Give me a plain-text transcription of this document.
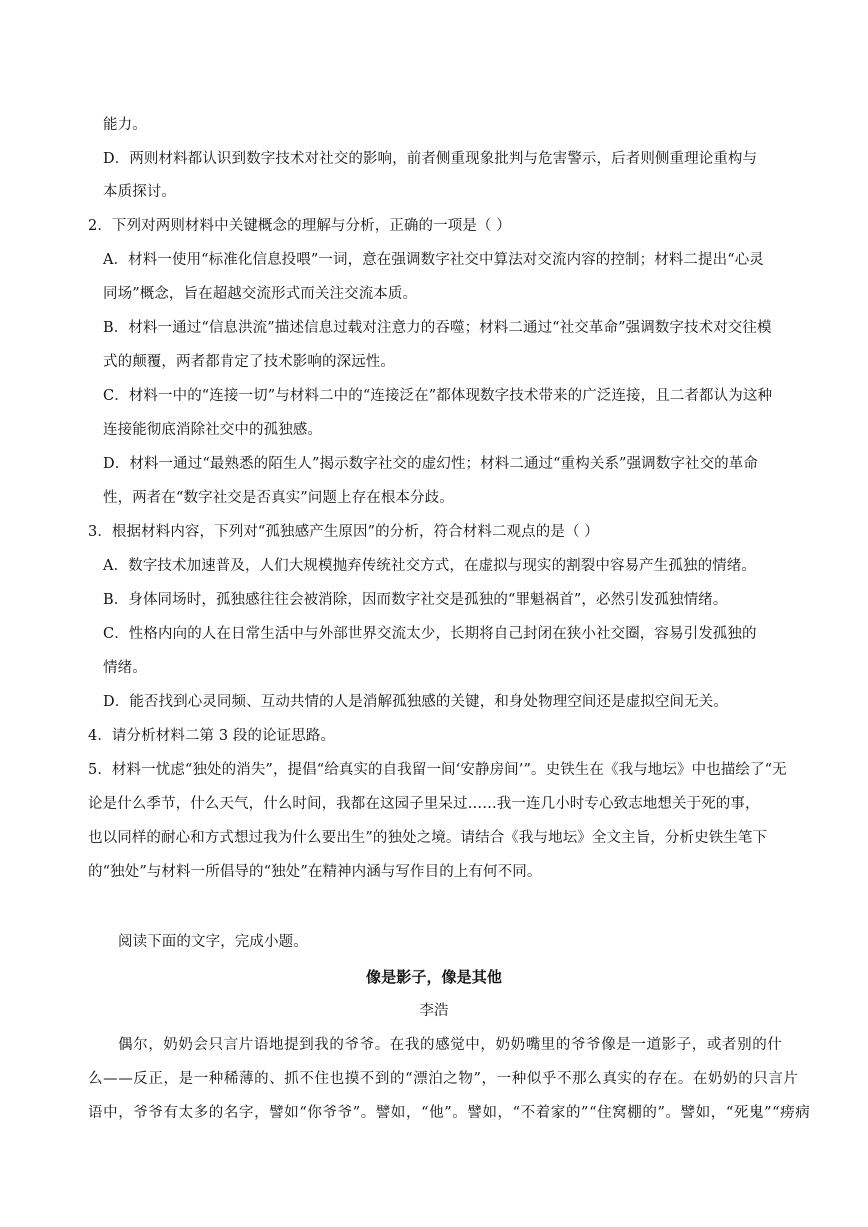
能力。
D．两则材料都认识到数字技术对社交的影响，前者侧重现象批判与危害警示，后者则侧重理论重构与
本质探讨。
2．下列对两则材料中关键概念的理解与分析，正确的一项是（ ）
A．材料一使用“标准化信息投喂”一词，意在强调数字社交中算法对交流内容的控制；材料二提出“心灵
同场”概念，旨在超越交流形式而关注交流本质。
B．材料一通过“信息洪流”描述信息过载对注意力的吞噬；材料二通过“社交革命”强调数字技术对交往模
式的颠覆，两者都肯定了技术影响的深远性。
C．材料一中的“连接一切”与材料二中的“连接泛在”都体现数字技术带来的广泛连接，且二者都认为这种
连接能彻底消除社交中的孤独感。
D．材料一通过“最熟悉的陌生人”揭示数字社交的虚幻性；材料二通过“重构关系”强调数字社交的革命
性，两者在“数字社交是否真实”问题上存在根本分歧。
3．根据材料内容，下列对“孤独感产生原因”的分析，符合材料二观点的是（ ）
A．数字技术加速普及，人们大规模抛弃传统社交方式，在虚拟与现实的割裂中容易产生孤独的情绪。
B．身体同场时，孤独感往往会被消除，因而数字社交是孤独的“罪魁祸首”，必然引发孤独情绪。
C．性格内向的人在日常生活中与外部世界交流太少，长期将自己封闭在狭小社交圈，容易引发孤独的
情绪。
D．能否找到心灵同频、互动共情的人是消解孤独感的关键，和身处物理空间还是虚拟空间无关。
4．请分析材料二第 3 段的论证思路。
5．材料一忧虑“独处的消失”，提倡“给真实的自我留一间‘安静房间’”。史铁生在《我与地坛》中也描绘了“无
论是什么季节，什么天气，什么时间，我都在这园子里呆过……我一连几小时专心致志地想关于死的事，
也以同样的耐心和方式想过我为什么要出生”的独处之境。请结合《我与地坛》全文主旨，分析史铁生笔下
的“独处”与材料一所倡导的“独处”在精神内涵与写作目的上有何不同。
阅读下面的文字，完成小题。
像是影子，像是其他
李浩
偶尔，奶奶会只言片语地提到我的爷爷。在我的感觉中，奶奶嘴里的爷爷像是一道影子，或者别的什
么——反正，是一种稀薄的、抓不住也摸不到的“漂泊之物”，一种似乎不那么真实的存在。在奶奶的只言片
语中，爷爷有太多的名字，譬如“你爷爷”。譬如，“他”。譬如，“不着家的”“住窝棚的”。譬如，“死鬼”“痨病
